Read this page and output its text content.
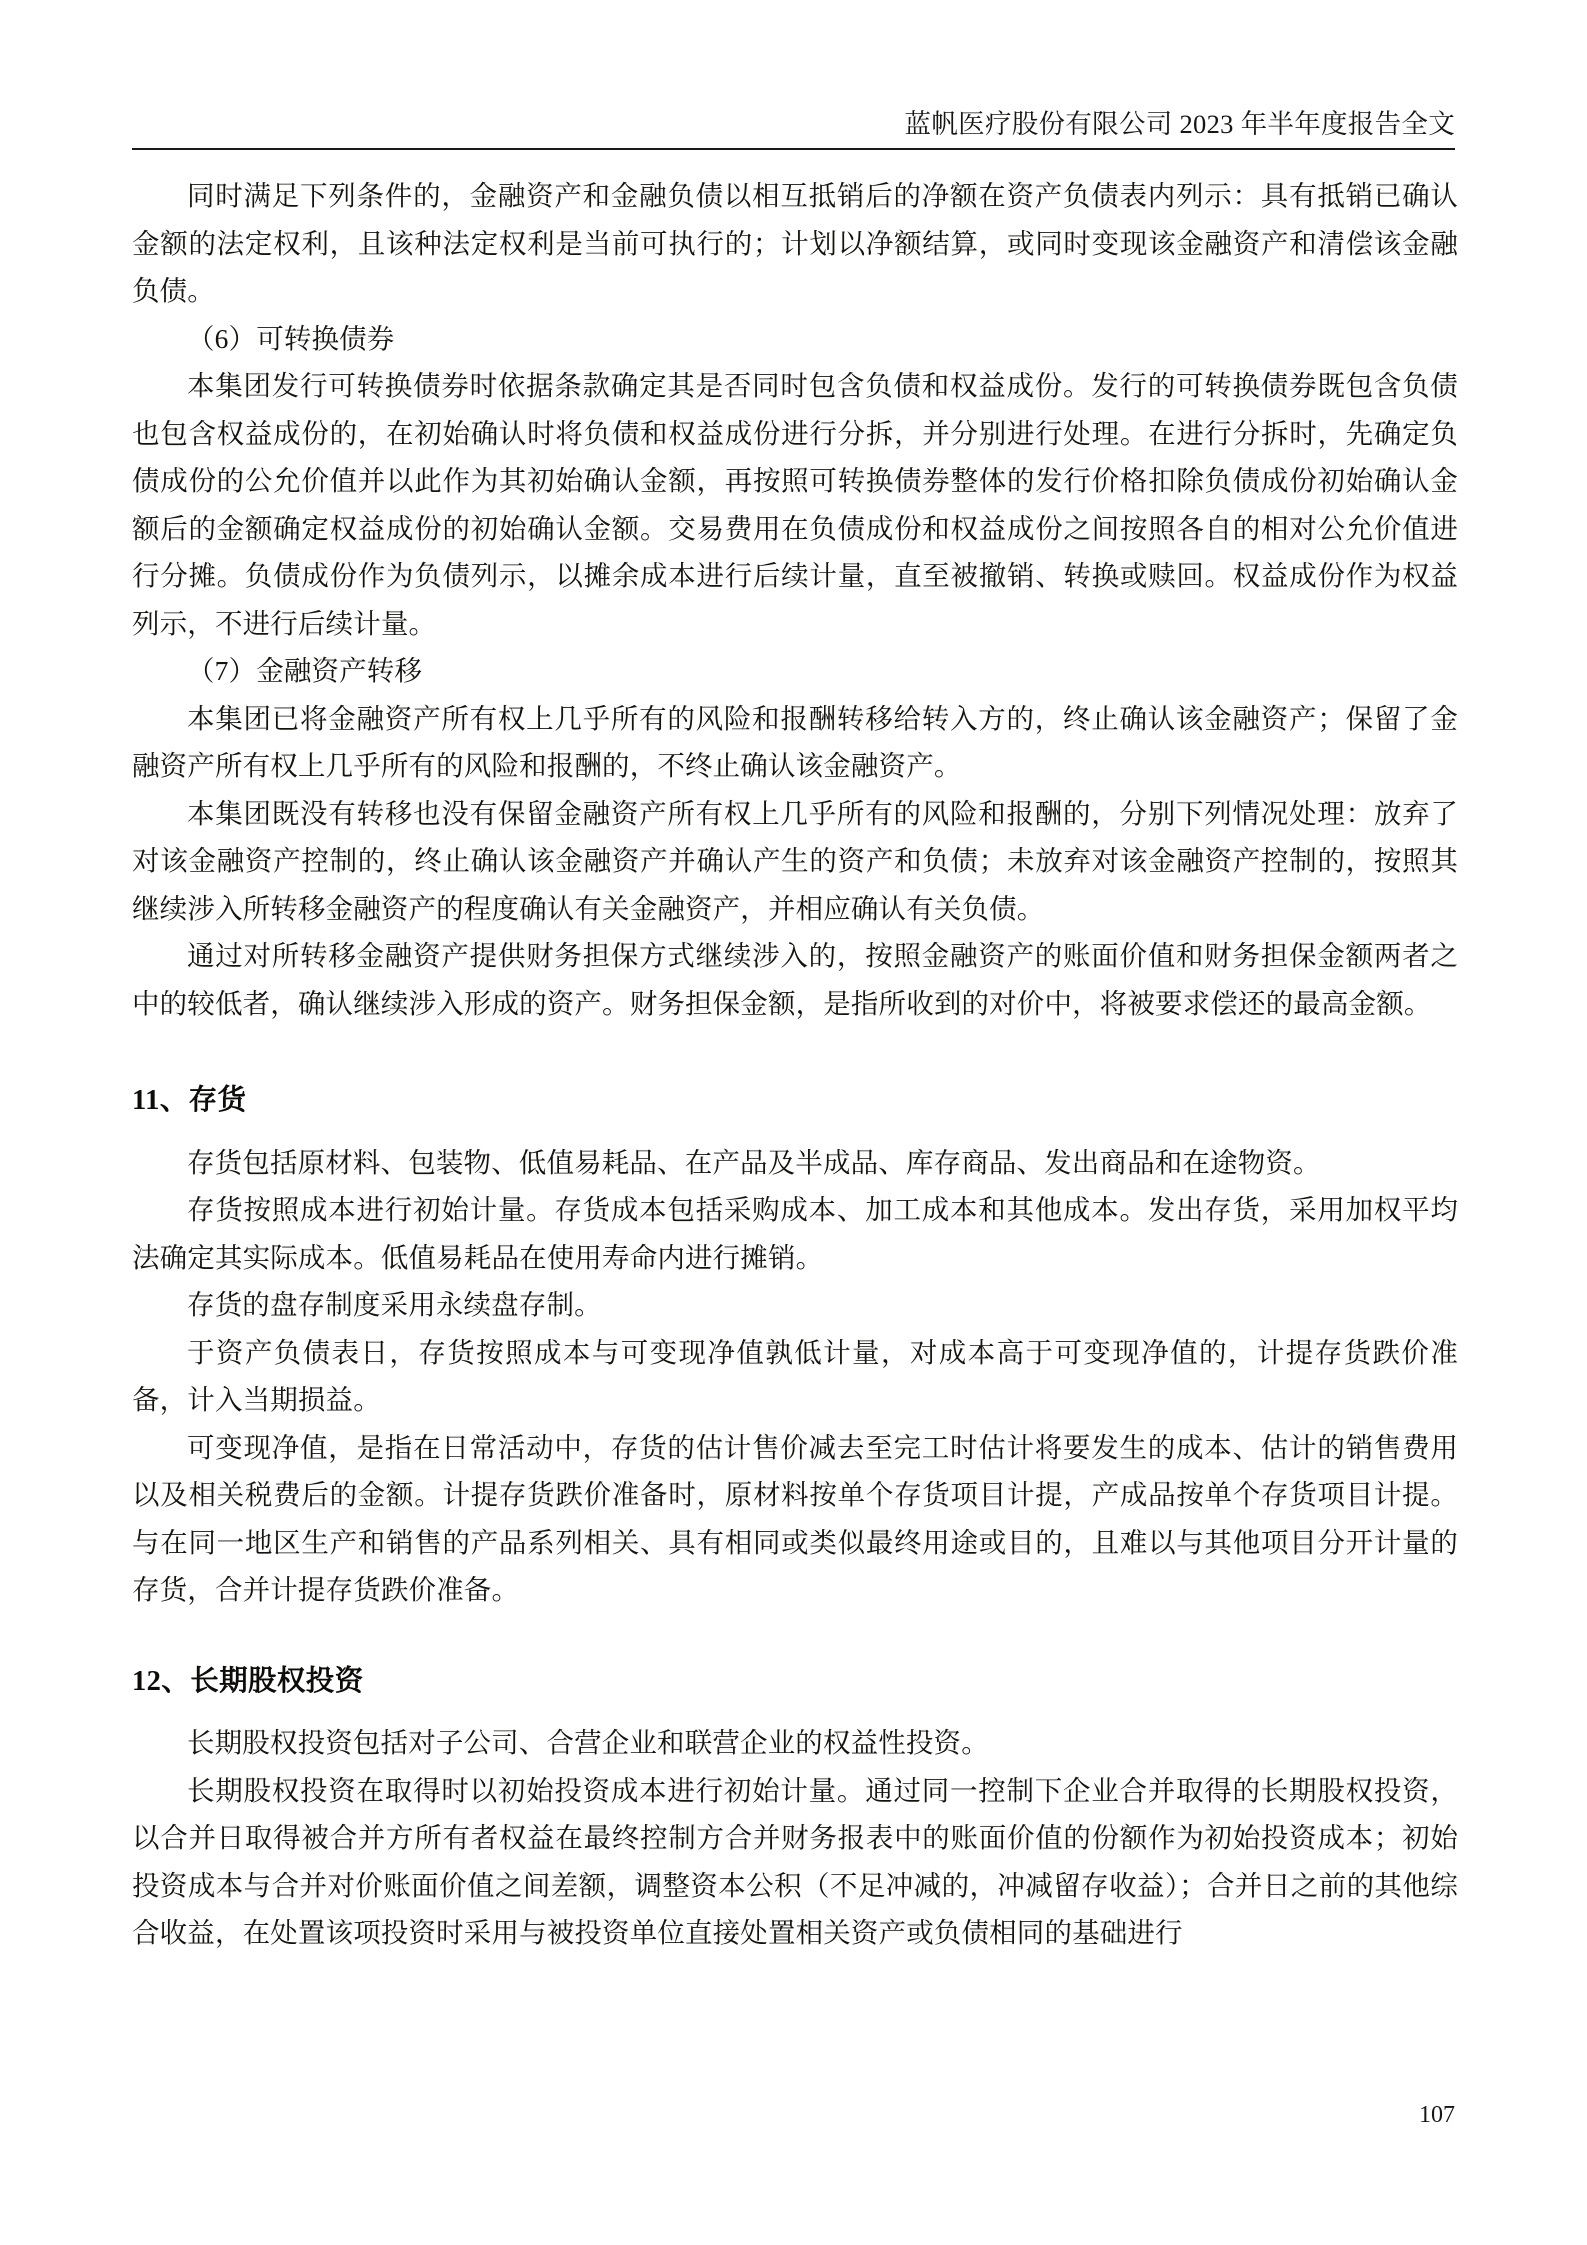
蓝帆医疗股份有限公司 2023 年半年度报告全文

同时满足下列条件的，金融资产和金融负债以相互抵销后的净额在资产负债表内列示：具有抵销已确认金额的法定权利，且该种法定权利是当前可执行的；计划以净额结算，或同时变现该金融资产和清偿该金融负债。

（6）可转换债券

本集团发行可转换债券时依据条款确定其是否同时包含负债和权益成份。发行的可转换债券既包含负债也包含权益成份的，在初始确认时将负债和权益成份进行分拆，并分别进行处理。在进行分拆时，先确定负债成份的公允价值并以此作为其初始确认金额，再按照可转换债券整体的发行价格扣除负债成份初始确认金额后的金额确定权益成份的初始确认金额。交易费用在负债成份和权益成份之间按照各自的相对公允价值进行分摊。负债成份作为负债列示，以摊余成本进行后续计量，直至被撤销、转换或赎回。权益成份作为权益列示，不进行后续计量。

（7）金融资产转移

本集团已将金融资产所有权上几乎所有的风险和报酬转移给转入方的，终止确认该金融资产；保留了金融资产所有权上几乎所有的风险和报酬的，不终止确认该金融资产。

本集团既没有转移也没有保留金融资产所有权上几乎所有的风险和报酬的，分别下列情况处理：放弃了对该金融资产控制的，终止确认该金融资产并确认产生的资产和负债；未放弃对该金融资产控制的，按照其继续涉入所转移金融资产的程度确认有关金融资产，并相应确认有关负债。

通过对所转移金融资产提供财务担保方式继续涉入的，按照金融资产的账面价值和财务担保金额两者之中的较低者，确认继续涉入形成的资产。财务担保金额，是指所收到的对价中，将被要求偿还的最高金额。

11、存货

存货包括原材料、包装物、低值易耗品、在产品及半成品、库存商品、发出商品和在途物资。

存货按照成本进行初始计量。存货成本包括采购成本、加工成本和其他成本。发出存货，采用加权平均法确定其实际成本。低值易耗品在使用寿命内进行摊销。

存货的盘存制度采用永续盘存制。

于资产负债表日，存货按照成本与可变现净值孰低计量，对成本高于可变现净值的，计提存货跌价准备，计入当期损益。

可变现净值，是指在日常活动中，存货的估计售价减去至完工时估计将要发生的成本、估计的销售费用以及相关税费后的金额。计提存货跌价准备时，原材料按单个存货项目计提，产成品按单个存货项目计提。与在同一地区生产和销售的产品系列相关、具有相同或类似最终用途或目的，且难以与其他项目分开计量的存货，合并计提存货跌价准备。

12、长期股权投资

长期股权投资包括对子公司、合营企业和联营企业的权益性投资。

长期股权投资在取得时以初始投资成本进行初始计量。通过同一控制下企业合并取得的长期股权投资，以合并日取得被合并方所有者权益在最终控制方合并财务报表中的账面价值的份额作为初始投资成本；初始投资成本与合并对价账面价值之间差额，调整资本公积（不足冲减的，冲减留存收益）；合并日之前的其他综合收益，在处置该项投资时采用与被投资单位直接处置相关资产或负债相同的基础进行

107
